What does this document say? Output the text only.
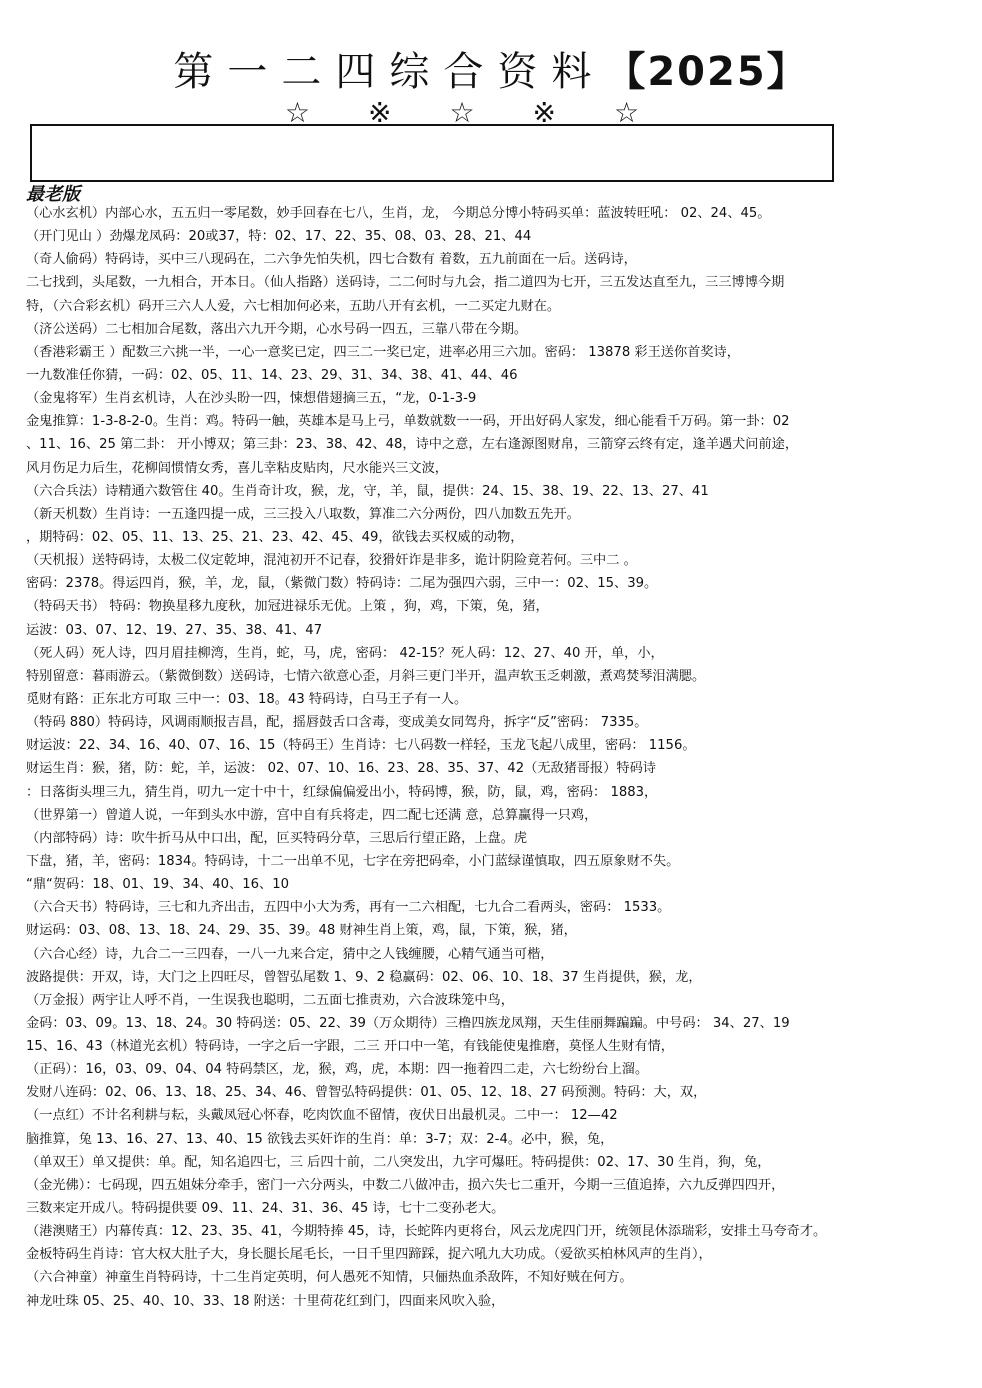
第一二四综合资料【2025】
☆※☆※☆
最老版
（心水玄机）内部心水，五五归一零尾数，妙手回春在七八，生肖，龙， 今期总分博小特码买单：蓝波转旺吼： 02、24、45。
（开门见山 ）劲爆龙凤码：20或37，特：02、17、22、35、08、03、28、21、44
（奇人偷码）特码诗，买中三八现码在，二六争先怕失机，四七合数有 着数，五九前面在一后。送码诗，
二七找到，头尾数，一九相合，开本日。（仙人指路）送码诗，二二何时与九会，指二道四为七开，三五发达直至九，三三博博今期
特，（六合彩玄机）码开三六人人爱，六七相加何必来，五助八开有玄机，一二买定九财在。
（济公送码）二七相加合尾数，落出六九开今期，心水号码一四五，三靠八带在今期。
（香港彩霸王 ）配数三六挑一半，一心一意奖已定，四三二一奖已定，进率必用三六加。密码： 13878 彩王送你首奖诗，
一九数准任你猜，一码：02、05、11、14、23、29、31、34、38、41、44、46
（金鬼将军）生肖玄机诗，人在沙头盼一四，悚想借翅摘三五，“龙，0-1-3-9
金鬼推算：1-3-8-2-0。生肖：鸡。特码一触，英雄本是马上弓，单数就数一一码，开出好码人家发，细心能看千万码。第一卦：02
、11、16、25 第二卦： 开小博双；第三卦：23、38、42、48，诗中之意，左右逢源图财帛，三箭穿云终有定，逢羊遇犬问前途，
风月伤足力后生，花柳闾惯情女秀，喜儿幸粘皮贴肉，尺水能兴三文波，
（六合兵法）诗精通六数管住 40。生肖奇计攻，猴，龙，守，羊，鼠，提供：24、15、38、19、22、13、27、41
（新天机数）生肖诗：一五逢四提一成，三三投入八取数，算准二六分两份，四八加数五先开。
，期特码：02、05、11、13、25、21、23、42、45、49，欲钱去买权威的动物，
（天机报）送特码诗，太极二仪定乾坤，混沌初开不记春，狡猾奸诈是非多，诡计阴险竟若何。三中二 。
密码：2378。得运四肖，猴，羊，龙，鼠，（紫微门数）特码诗：二尾为强四六弱，三中一：02、15、39。
（特码天书） 特码：物换星移九度秋，加冠进禄乐无优。上策 ，狗，鸡，下策，兔，猪，
运波：03、07、12、19、27、35、38、41、47
（死人码）死人诗，四月眉挂柳湾，生肖，蛇，马，虎，密码： 42-15？死人码：12、27、40 开，单，小，
特别留意：暮雨游云。（紫微倒数）送码诗，七情六欲意心歪，月斜三更门半开，温声软玉乏刺激，煮鸡焚琴泪满腮。
觅财有路：正东北方可取 三中一：03、18。43 特码诗，白马王子有一人。
（特码 880）特码诗，风调雨顺报吉昌，配，摇唇鼓舌口含毒，变成美女同驾舟，拆字“反”密码： 7335。
财运波：22、34、16、40、07、16、15（特码王）生肖诗：七八码数一样轻，玉龙飞起八成里，密码： 1156。
财运生肖：猴，猪，防：蛇，羊，运波： 02、07、10、16、23、28、35、37、42（无敌猪哥报）特码诗
：日落街头埋三九，猜生肖，叨九一定十中十，红绿偏偏爱出小，特码博，猴，防，鼠，鸡，密码： 1883，
（世界第一）曾道人说，一年到头水中游，宫中自有兵将走，四二配七还满 意，总算赢得一只鸡，
（内部特码）诗：吹牛折马从中口出，配，叵买特码分草，三思后行望正路，上盘。虎
下盘，猪，羊，密码：1834。特码诗，十二一出单不见，七字在旁把码牵，小门蓝绿谨慎取，四五原象财不失。
“鼎“贺码：18、01、19、34、40、16、10
（六合天书）特码诗，三七和九齐出击，五四中小大为秀，再有一二六相配，七九合二看两头，密码： 1533。
财运码：03、08、13、18、24、29、35、39。48 财神生肖上策，鸡，鼠，下策，猴，猪，
（六合心经）诗，九合二一三四春，一八一九来合定，猜中之人钱缠腰，心精气通当可楷，
波路提供：开双，诗，大门之上四旺尽，曾智弘尾数 1、9、2 稳赢码：02、06、10、18、37 生肖提供，猴，龙，
（万金报）两宇让人呼不肖，一生误我也聪明，二五面七推责劝，六合波珠笼中鸟，
金码：03、09。13、18、24。30 特码送：05、22、39（万众期待）三橹四族龙凤翔，天生佳丽舞蹁蹁。中号码： 34、27、19
15、16、43（林道光玄机）特码诗，一字之后一字跟，二三 开口中一笔，有钱能使鬼推磨，莫怪人生财有情，
（正码）：16，03、09、04、04 特码禁区，龙，猴，鸡，虎，本期：四一拖着四二走，六七纷纷台上溜。
发财八连码：02、06、13、18、25、34、46、曾智弘特码提供：01、05、12、18、27 码预测。特码：大，双，
（一点红）不计名利耕与耘，头戴凤冠心怀春，吃肉饮血不留情，夜伏日出最机灵。二中一： 12—42
脑推算，兔 13、16、27、13、40、15 欲钱去买奸诈的生肖：单：3-7；双：2-4。必中，猴，兔，
（单双王）单又提供：单。配，知名追四七，三 后四十前，二八突发出，九字可爆旺。特码提供：02、17、30 生肖，狗，兔，
（金光佛）：七码现，四五姐妹分牵手，密门一六分两头，中数二八做冲击，损六失七二重开，今期一三值追捧，六九反弹四四开，
三数来定开成八。特码提供要 09、11、24、31、36、45 诗，七十二变孙老大。
（港澳赌王）内幕传真：12、23、35、41，今期特捧 45，诗，长蛇阵内更将台，风云龙虎四门开，统领昆休添瑞彩，安排土马夸奇才。
金板特码生肖诗：官大权大肚子大，身长腿长尾毛长，一日千里四蹄踩，捉六吼九大功成。（爱欲买柏林风声的生肖），
（六合神童）神童生肖特码诗，十二生肖定英明，何人愚死不知情，只俪热血杀敌阵，不知好贼在何方。
神龙吐珠 05、25、40、10、33、18 附送：十里荷花红到门，四面来风吹入验，
